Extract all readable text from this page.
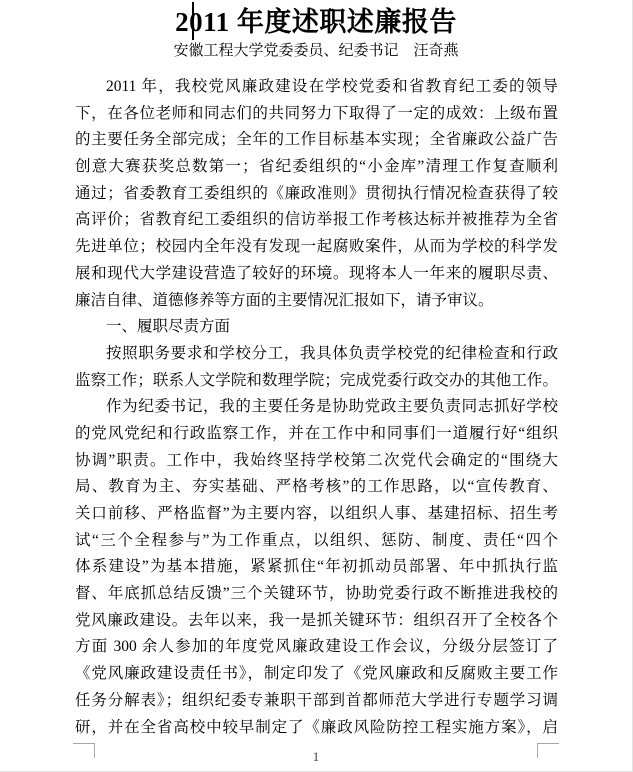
2011 年度述职述廉报告
安徽工程大学党委委员、纪委书记　汪奇燕
2011 年，我校党风廉政建设在学校党委和省教育纪工委的领导
下，在各位老师和同志们的共同努力下取得了一定的成效：上级布置
的主要任务全部完成；全年的工作目标基本实现；全省廉政公益广告
创意大赛获奖总数第一；省纪委组织的“小金库”清理工作复查顺利
通过；省委教育工委组织的《廉政准则》贯彻执行情况检查获得了较
高评价；省教育纪工委组织的信访举报工作考核达标并被推荐为全省
先进单位；校园内全年没有发现一起腐败案件，从而为学校的科学发
展和现代大学建设营造了较好的环境。现将本人一年来的履职尽责、
廉洁自律、道德修养等方面的主要情况汇报如下，请予审议。
一、履职尽责方面
按照职务要求和学校分工，我具体负责学校党的纪律检查和行政
监察工作；联系人文学院和数理学院；完成党委行政交办的其他工作。
作为纪委书记，我的主要任务是协助党政主要负责同志抓好学校
的党风党纪和行政监察工作，并在工作中和同事们一道履行好“组织
协调”职责。工作中，我始终坚持学校第二次党代会确定的“围绕大
局、教育为主、夯实基础、严格考核”的工作思路，以“宣传教育、
关口前移、严格监督”为主要内容，以组织人事、基建招标、招生考
试“三个全程参与”为工作重点，以组织、惩防、制度、责任“四个
体系建设”为基本措施，紧紧抓住“年初抓动员部署、年中抓执行监
督、年底抓总结反馈”三个关键环节，协助党委行政不断推进我校的
党风廉政建设。去年以来，我一是抓关键环节：组织召开了全校各个
方面 300 余人参加的年度党风廉政建设工作会议，分级分层签订了
《党风廉政建设责任书》，制定印发了《党风廉政和反腐败主要工作
任务分解表》；组织纪委专兼职干部到首都师范大学进行专题学习调
研，并在全省高校中较早制定了《廉政风险防控工程实施方案》，启
1
